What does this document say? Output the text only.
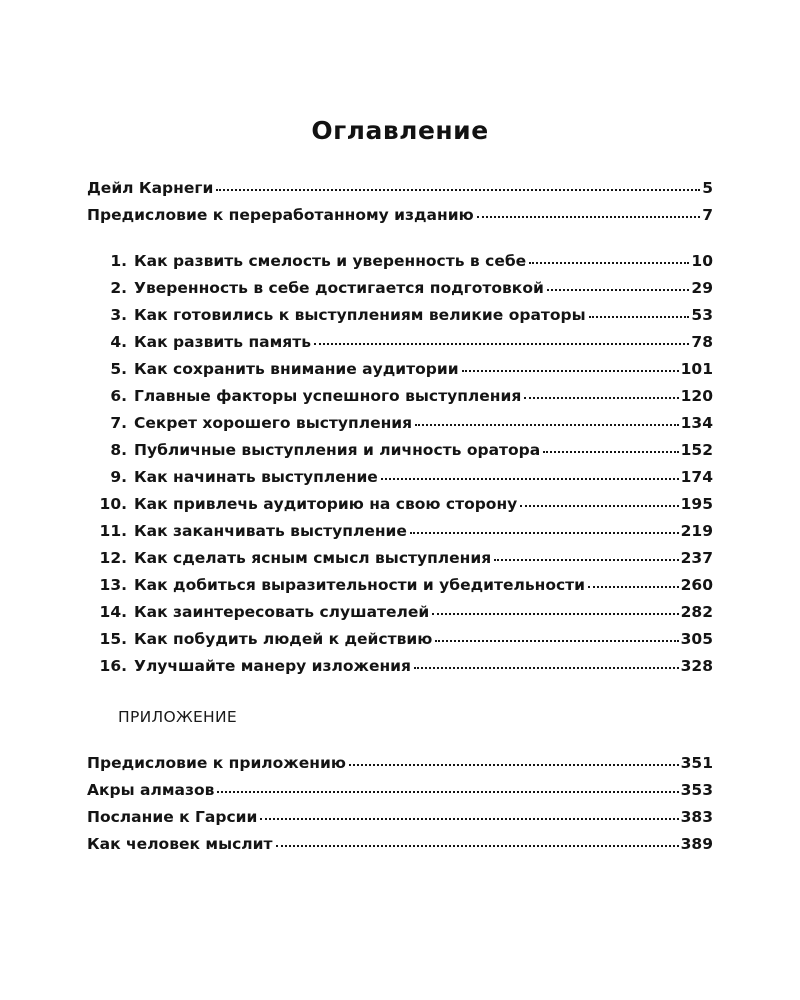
Оглавление
Дейл Карнеги	5
Предисловие к переработанному изданию	7
1. Как развить смелость и уверенность в себе	10
2. Уверенность в себе достигается подготовкой	29
3. Как готовились к выступлениям великие ораторы	53
4. Как развить память	78
5. Как сохранить внимание аудитории	101
6. Главные факторы успешного выступления	120
7. Секрет хорошего выступления	134
8. Публичные выступления и личность оратора	152
9. Как начинать выступление	174
10. Как привлечь аудиторию на свою сторону	195
11. Как заканчивать выступление	219
12. Как сделать ясным смысл выступления	237
13. Как добиться выразительности и убедительности	260
14. Как заинтересовать слушателей	282
15. Как побудить людей к действию	305
16. Улучшайте манеру изложения	328
ПРИЛОЖЕНИЕ
Предисловие к приложению	351
Акры алмазов	353
Послание к Гарсии	383
Как человек мыслит	389
